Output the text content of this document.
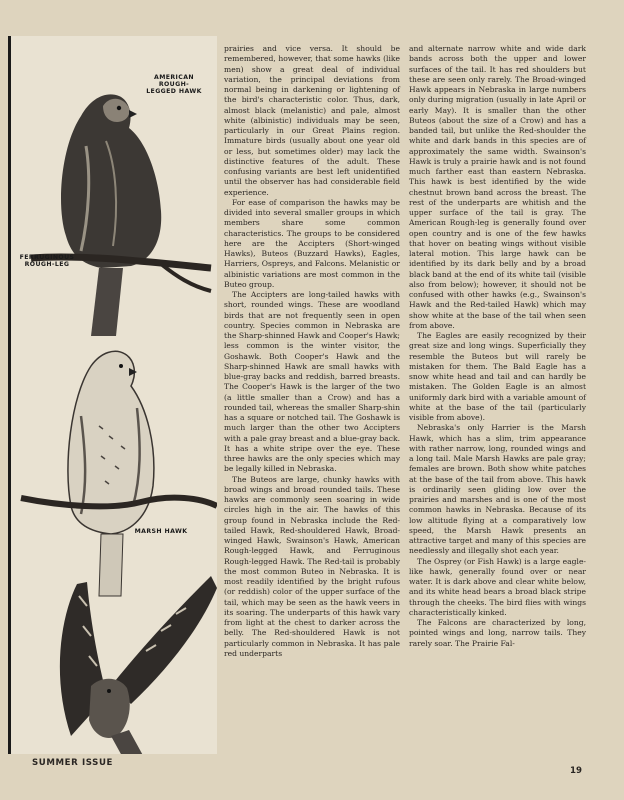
AMERICAN ROUGH-LEGGED HAWK
FERRUGINOUS ROUGH-LEG
MARSH HAWK

prairies and vice versa. It should be remembered, however, that some hawks (like men) show a great deal of individual variation, the principal deviations from normal being in darkening or lightening of the bird's characteristic color. Thus, dark, almost black (melanistic) and pale, almost white (albinistic) individuals may be seen, particularly in our Great Plains region. Immature birds (usually about one year old or less, but sometimes older) may lack the distinctive features of the adult. These confusing variants are best left unidentified until the observer has had considerable field experience.

For ease of comparison the hawks may be divided into several smaller groups in which members share some common characteristics. The groups to be considered here are the Accipters (Short-winged Hawks), Buteos (Buzzard Hawks), Eagles, Harriers, Ospreys, and Falcons. Melanistic or albinistic variations are most common in the Buteo group.

The Accipters are long-tailed hawks with short, rounded wings. These are woodland birds that are not frequently seen in open country. Species common in Nebraska are the Sharp-shinned Hawk and Cooper's Hawk; less common is the winter visitor, the Goshawk. Both Cooper's Hawk and the Sharp-shinned Hawk are small hawks with blue-gray backs and reddish, barred breasts. The Cooper's Hawk is the larger of the two (a little smaller than a Crow) and has a rounded tail, whereas the smaller Sharp-shin has a square or notched tail. The Goshawk is much larger than the other two Accipters with a pale gray breast and a blue-gray back. It has a white stripe over the eye. These three hawks are the only species which may be legally killed in Nebraska.

The Buteos are large, chunky hawks with broad wings and broad rounded tails. These hawks are commonly seen soaring in wide circles high in the air. The hawks of this group found in Nebraska include the Red-tailed Hawk, Red-shouldered Hawk, Broad-winged Hawk, Swainson's Hawk, American Rough-legged Hawk, and Ferruginous Rough-legged Hawk. The Red-tail is probably the most common Buteo in Nebraska. It is most readily identified by the bright rufous (or reddish) color of the upper surface of the tail, which may be seen as the hawk veers in its soaring. The underparts of this hawk vary from light at the chest to darker across the belly. The Red-shouldered Hawk is not particularly common in Nebraska. It has pale red underparts

and alternate narrow white and wide dark bands across both the upper and lower surfaces of the tail. It has red shoulders but these are seen only rarely. The Broad-winged Hawk appears in Nebraska in large numbers only during migration (usually in late April or early May). It is smaller than the other Buteos (about the size of a Crow) and has a banded tail, but unlike the Red-shoulder the white and dark bands in this species are of approximately the same width. Swainson's Hawk is truly a prairie hawk and is not found much farther east than eastern Nebraska. This hawk is best identified by the wide chestnut brown band across the breast. The rest of the underparts are whitish and the upper surface of the tail is gray. The American Rough-leg is generally found over open country and is one of the few hawks that hover on beating wings without visible lateral motion. This large hawk can be identified by its dark belly and by a broad black band at the end of its white tail (visible also from below); however, it should not be confused with other hawks (e.g., Swainson's Hawk and the Red-tailed Hawk) which may show white at the base of the tail when seen from above.

The Eagles are easily recognized by their great size and long wings. Superficially they resemble the Buteos but will rarely be mistaken for them. The Bald Eagle has a snow white head and tail and can hardly be mistaken. The Golden Eagle is an almost uniformly dark bird with a variable amount of white at the base of the tail (particularly visible from above).

Nebraska's only Harrier is the Marsh Hawk, which has a slim, trim appearance with rather narrow, long, rounded wings and a long tail. Male Marsh Hawks are pale gray; females are brown. Both show white patches at the base of the tail from above. This hawk is ordinarily seen gliding low over the prairies and marshes and is one of the most common hawks in Nebraska. Because of its low altitude flying at a comparatively low speed, the Marsh Hawk presents an attractive target and many of this species are needlessly and illegally shot each year.

The Osprey (or Fish Hawk) is a large eagle-like hawk, generally found over or near water. It is dark above and clear white below, and its white head bears a broad black stripe through the cheeks. The bird flies with wings characteristically kinked.

The Falcons are characterized by long, pointed wings and long, narrow tails. They rarely soar. The Prairie Fal-

SUMMER ISSUE
19
